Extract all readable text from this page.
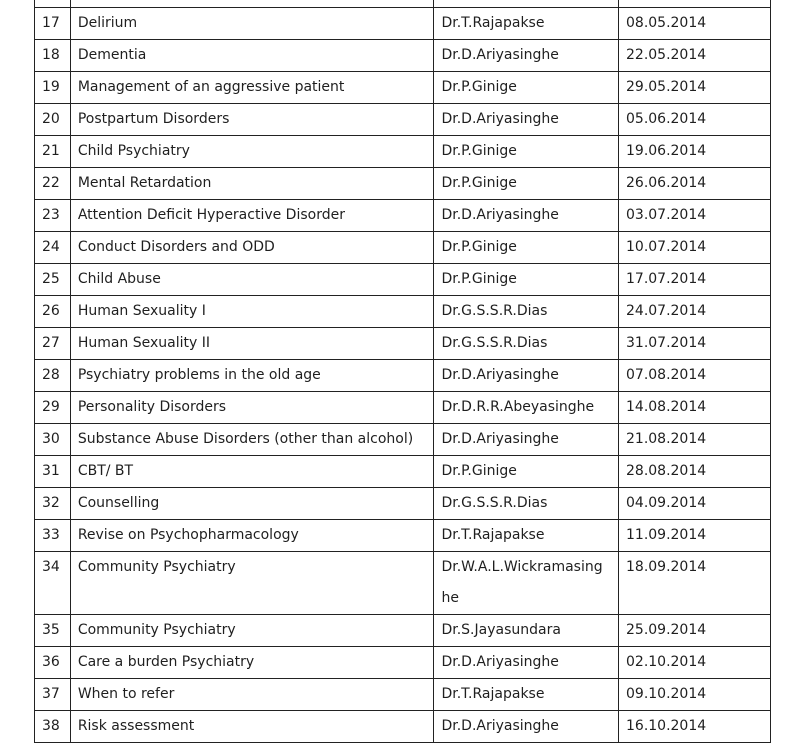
17	Delirium	Dr.T.Rajapakse	08.05.2014
18	Dementia	Dr.D.Ariyasinghe	22.05.2014
19	Management of an aggressive patient	Dr.P.Ginige	29.05.2014
20	Postpartum Disorders	Dr.D.Ariyasinghe	05.06.2014
21	Child Psychiatry	Dr.P.Ginige	19.06.2014
22	Mental Retardation	Dr.P.Ginige	26.06.2014
23	Attention Deficit Hyperactive Disorder	Dr.D.Ariyasinghe	03.07.2014
24	Conduct Disorders and ODD	Dr.P.Ginige	10.07.2014
25	Child Abuse	Dr.P.Ginige	17.07.2014
26	Human Sexuality I	Dr.G.S.S.R.Dias	24.07.2014
27	Human Sexuality II	Dr.G.S.S.R.Dias	31.07.2014
28	Psychiatry problems in the old age	Dr.D.Ariyasinghe	07.08.2014
29	Personality Disorders	Dr.D.R.R.Abeyasinghe	14.08.2014
30	Substance Abuse Disorders (other than alcohol)	Dr.D.Ariyasinghe	21.08.2014
31	CBT/ BT	Dr.P.Ginige	28.08.2014
32	Counselling	Dr.G.S.S.R.Dias	04.09.2014
33	Revise on Psychopharmacology	Dr.T.Rajapakse	11.09.2014
34	Community Psychiatry	Dr.W.A.L.Wickramasinghe	18.09.2014
35	Community Psychiatry	Dr.S.Jayasundara	25.09.2014
36	Care a burden Psychiatry	Dr.D.Ariyasinghe	02.10.2014
37	When to refer	Dr.T.Rajapakse	09.10.2014
38	Risk assessment	Dr.D.Ariyasinghe	16.10.2014
